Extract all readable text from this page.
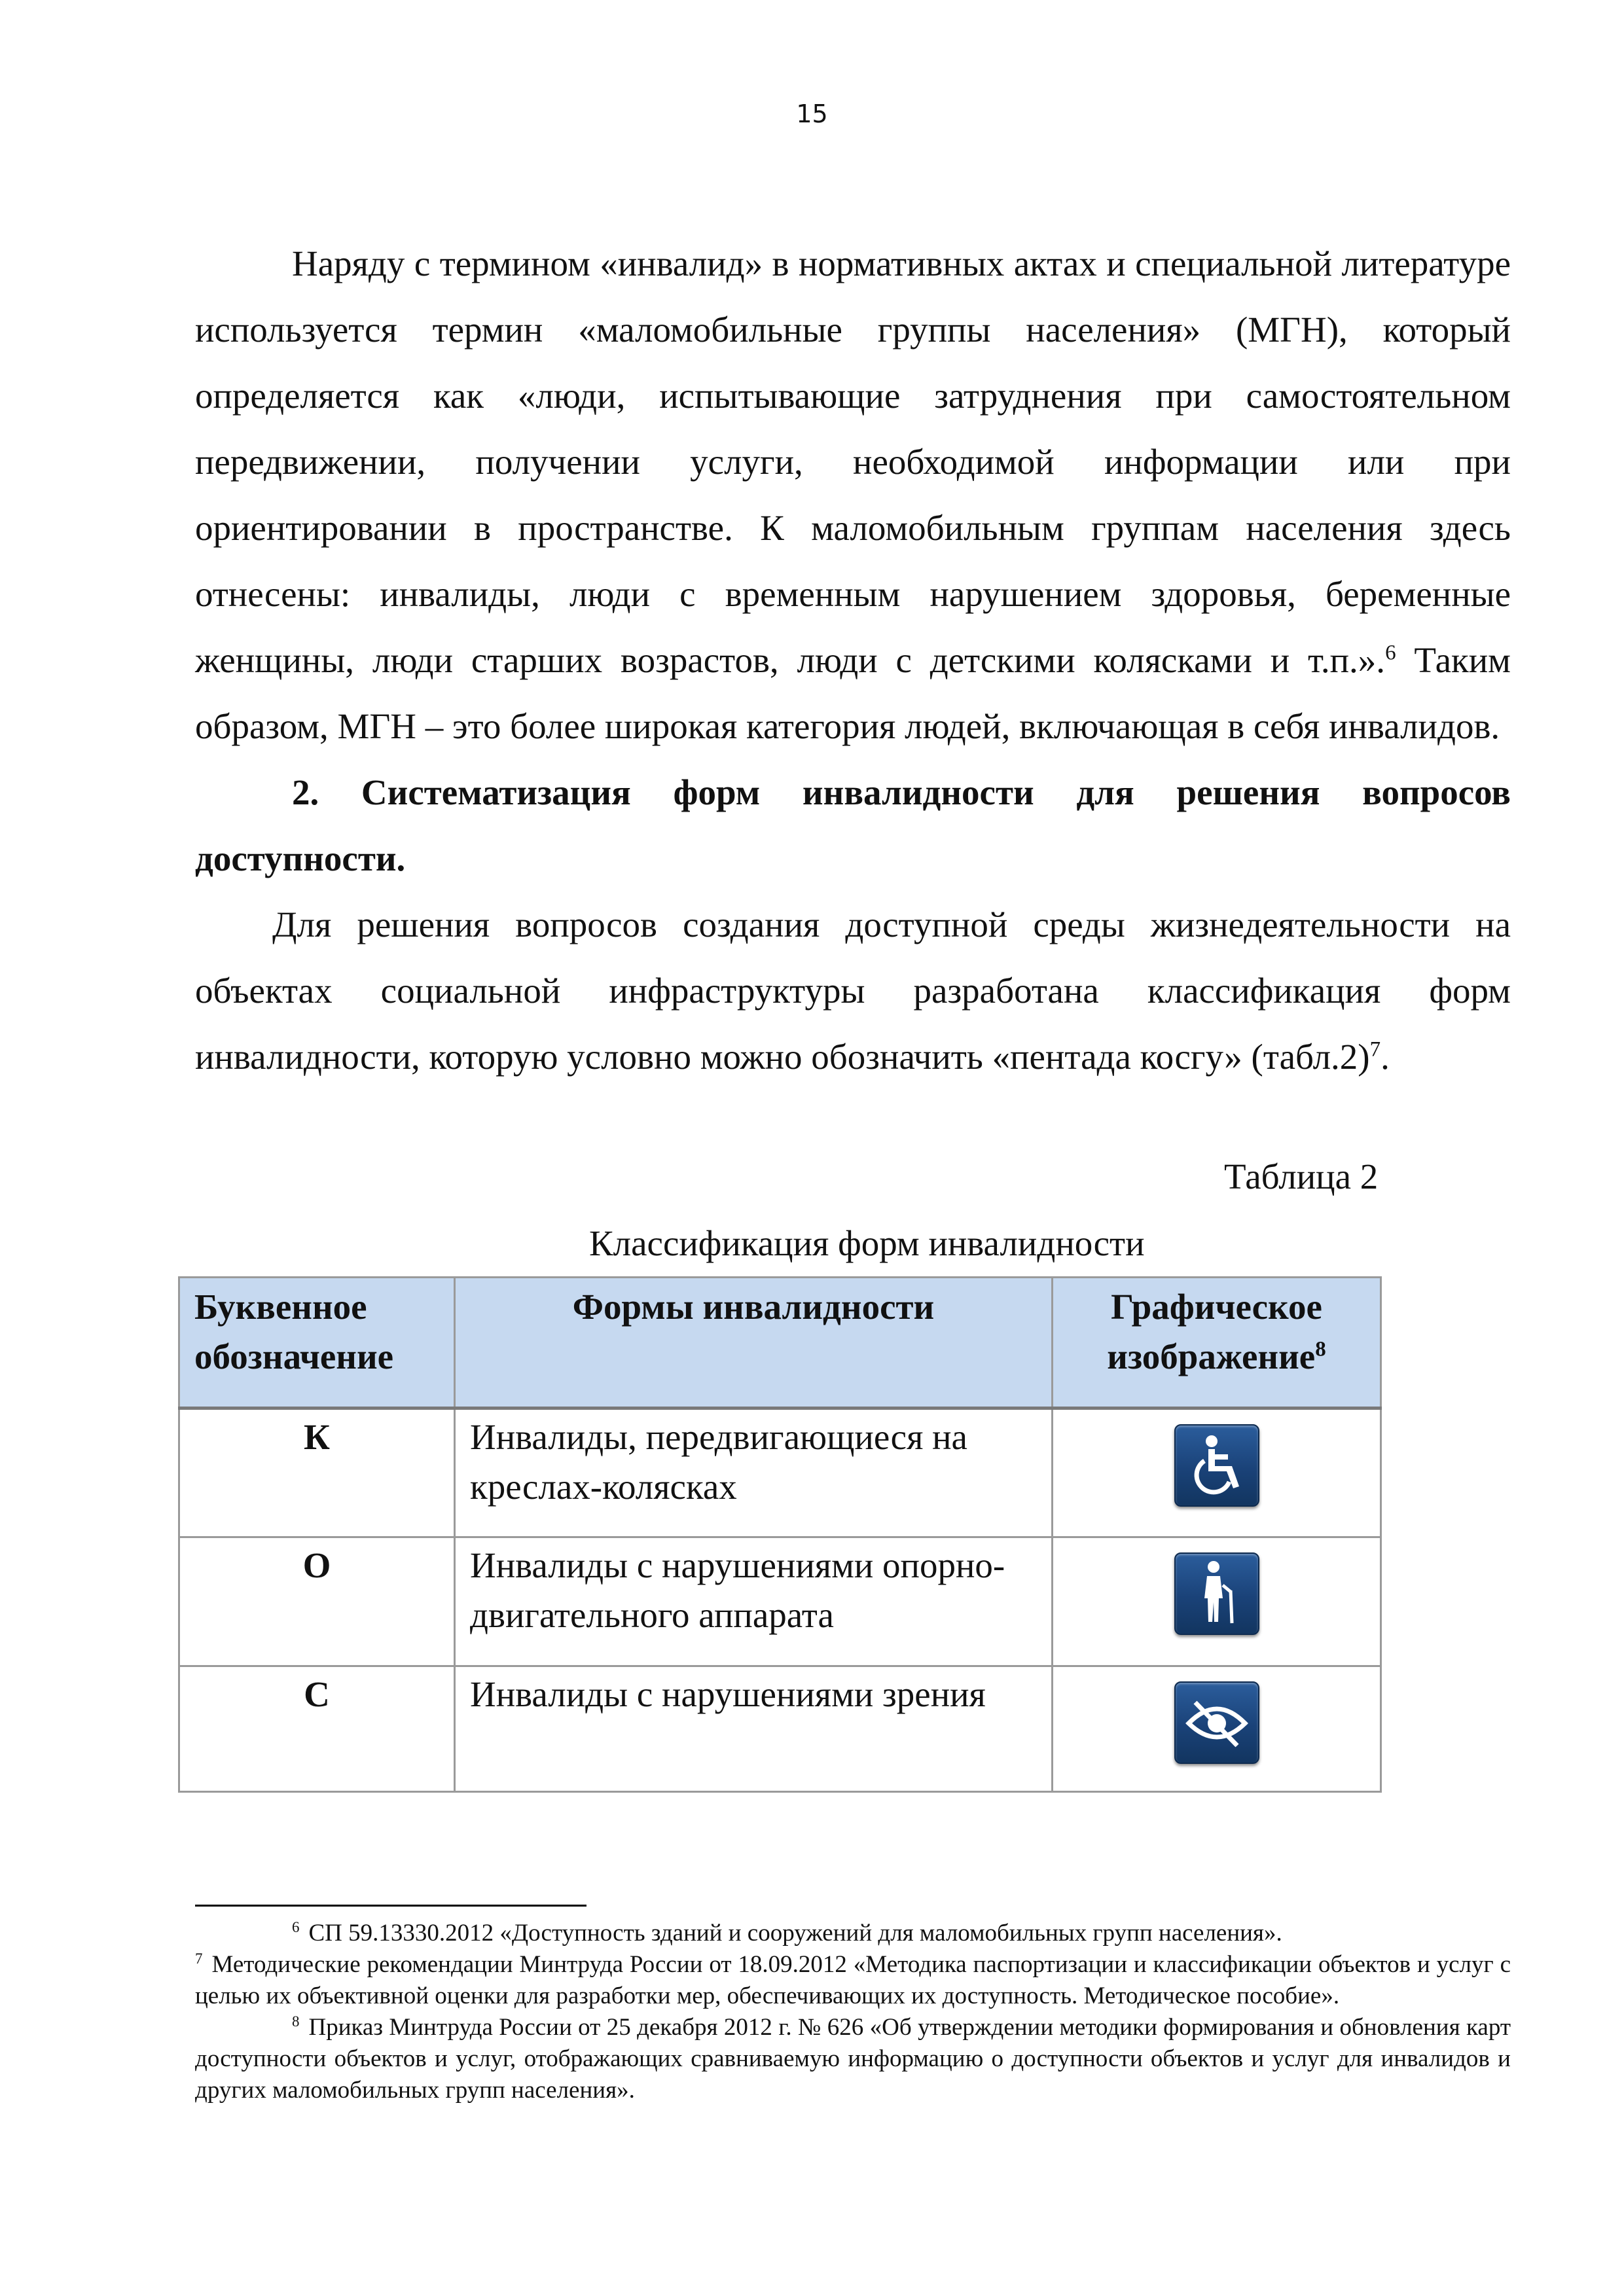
15

Наряду с термином «инвалид» в нормативных актах и специальной литературе используется термин «маломобильные группы населения» (МГН), который определяется как «люди, испытывающие затруднения при самостоятельном передвижении, получении услуги, необходимой информации или при ориентировании в пространстве. К маломобильным группам населения здесь отнесены: инвалиды, люди с временным нарушением здоровья, беременные женщины, люди старших возрастов, люди с детскими колясками и т.п.».$^6$ Таким образом, МГН – это более широкая категория людей, включающая в себя инвалидов.

2. Систематизация форм инвалидности для решения вопросов доступности.

Для решения вопросов создания доступной среды жизнедеятельности на объектах социальной инфраструктуры разработана классификация форм инвалидности, которую условно можно обозначить «пентада косгу» (табл.2)$^7$.

Таблица 2
Классификация форм инвалидности
Буквенное обозначение	Формы инвалидности	Графическое изображение$^8$
К	Инвалиды, передвигающиеся на креслах-колясках	

О	Инвалиды с нарушениями опорно-двигательного аппарата	

С	Инвалиды с нарушениями зрения	

$^6$ СП 59.13330.2012 «Доступность зданий и сооружений для маломобильных групп населения».

$^7$ Методические рекомендации Минтруда России от 18.09.2012 «Методика паспортизации и классификации объектов и услуг с целью их объективной оценки для разработки мер, обеспечивающих их доступность. Методическое пособие».

$^8$ Приказ Минтруда России от 25 декабря 2012 г. № 626 «Об утверждении методики формирования и обновления карт доступности объектов и услуг, отображающих сравниваемую информацию о доступности объектов и услуг для инвалидов и других маломобильных групп населения».
